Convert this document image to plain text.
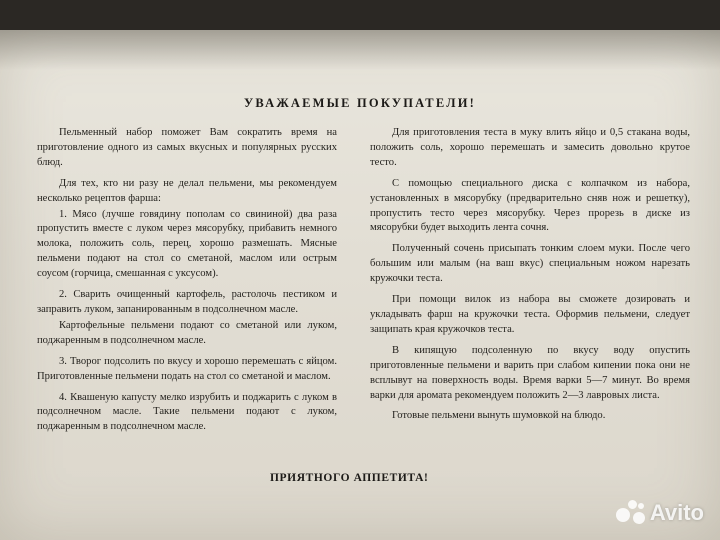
УВАЖАЕМЫЕ ПОКУПАТЕЛИ!

Пельменный набор поможет Вам сократить время на приготовление одного из самых вкусных и популярных русских блюд.

Для тех, кто ни разу не делал пельмени, мы рекомендуем несколько рецептов фарша:

1. Мясо (лучше говядину пополам со свининой) два раза пропустить вместе с луком через мясорубку, прибавить немного молока, положить соль, перец, хорошо размешать. Мясные пельмени подают на стол со сметаной, маслом или острым соусом (горчица, смешанная с уксусом).

2. Сварить очищенный картофель, растолочь пестиком и заправить луком, запанированным в подсолнечном масле.

Картофельные пельмени подают со сметаной или луком, поджаренным в подсолнечном масле.

3. Творог подсолить по вкусу и хорошо перемешать с яйцом. Приготовленные пельмени подать на стол со сметаной и маслом.

4. Квашеную капусту мелко изрубить и поджарить с луком в подсолнечном масле. Такие пельмени подают с луком, поджаренным в подсолнечном масле.

Для приготовления теста в муку влить яйцо и 0,5 стакана воды, положить соль, хорошо перемешать и замесить довольно крутое тесто.

С помощью специального диска с колпачком из набора, установленных в мясорубку (предварительно сняв нож и решетку), пропустить тесто через мясорубку. Через прорезь в диске из мясорубки будет выходить лента сочня.

Полученный сочень присыпать тонким слоем муки. После чего большим или малым (на ваш вкус) специальным ножом нарезать кружочки теста.

При помощи вилок из набора вы сможете дозировать и укладывать фарш на кружочки теста. Оформив пельмени, следует защипать края кружочков теста.

В кипящую подсоленную по вкусу воду опустить приготовленные пельмени и варить при слабом кипении пока они не всплывут на поверхность воды. Время варки 5—7 минут. Во время варки для аромата рекомендуем положить 2—3 лавровых листа.

Готовые пельмени вынуть шумовкой на блюдо.

ПРИЯТНОГО АППЕТИТА!
Avito
